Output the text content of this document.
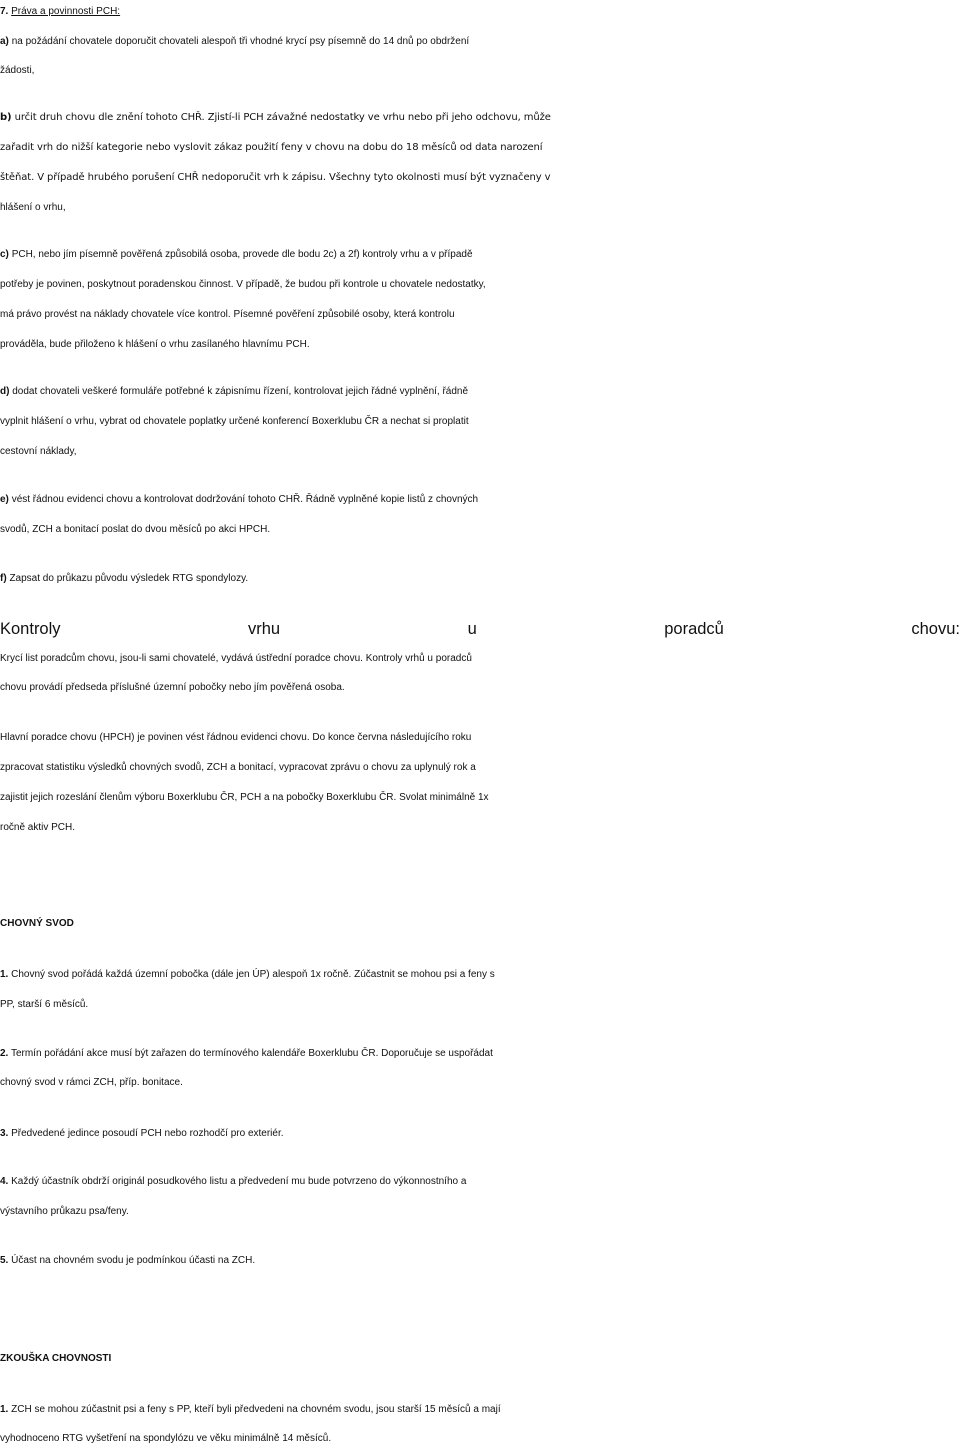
7. Práva a povinnosti PCH:
a) na požádání chovatele doporučit chovateli alespoň tři vhodné krycí psy písemně do 14 dnů po obdržení
žádosti,
b) určit druh chovu dle znění tohoto CHŘ. Zjistí-li PCH závažné nedostatky ve vrhu nebo při jeho odchovu, může
zařadit vrh do nižší kategorie nebo vyslovit zákaz použití feny v chovu na dobu do 18 měsíců od data narození
štěňat. V případě hrubého porušení CHŘ nedoporučit vrh k zápisu. Všechny tyto okolnosti musí být vyznačeny v
hlášení o vrhu,
c) PCH, nebo jím písemně pověřená způsobilá osoba, provede dle bodu 2c) a 2f) kontroly vrhu a v případě
potřeby je povinen, poskytnout poradenskou činnost. V případě, že budou při kontrole u chovatele nedostatky,
má právo provést na náklady chovatele více kontrol. Písemné pověření způsobilé osoby, která kontrolu
prováděla, bude přiloženo k hlášení o vrhu zasílaného hlavnímu PCH.
d) dodat chovateli veškeré formuláře potřebné k zápisnímu řízení, kontrolovat jejich řádné vyplnění, řádně
vyplnit hlášení o vrhu, vybrat od chovatele poplatky určené konferencí Boxerklubu ČR a nechat si proplatit
cestovní náklady,
e) vést řádnou evidenci chovu a kontrolovat dodržování tohoto CHŘ. Řádně vyplněné kopie listů z chovných
svodů, ZCH a bonitací poslat do dvou měsíců po akci HPCH.
f) Zapsat do průkazu původu výsledek RTG spondylozy.
Kontroly	vrhu	u	poradců	chovu:
Krycí list poradcům chovu, jsou-li sami chovatelé, vydává ústřední poradce chovu. Kontroly vrhů u poradců
chovu provádí předseda příslušné územní pobočky nebo jím pověřená osoba.
Hlavní poradce chovu (HPCH) je povinen vést řádnou evidenci chovu. Do konce června následujícího roku
zpracovat statistiku výsledků chovných svodů, ZCH a bonitací, vypracovat zprávu o chovu za uplynulý rok a
zajistit jejich rozeslání členům výboru Boxerklubu ČR, PCH a na pobočky Boxerklubu ČR. Svolat minimálně 1x
ročně aktiv PCH.
CHOVNÝ SVOD
1. Chovný svod pořádá každá územní pobočka (dále jen ÚP) alespoň 1x ročně. Zúčastnit se mohou psi a feny s
PP, starší 6 měsíců.
2. Termín pořádání akce musí být zařazen do termínového kalendáře Boxerklubu ČR. Doporučuje se uspořádat
chovný svod v rámci ZCH, příp. bonitace.
3. Předvedené jedince posoudí PCH nebo rozhodčí pro exteriér.
4. Každý účastník obdrží originál posudkového listu a předvedení mu bude potvrzeno do výkonnostního a
výstavního průkazu psa/feny.
5. Účast na chovném svodu je podmínkou účasti na ZCH.
ZKOUŠKA CHOVNOSTI
1. ZCH se mohou zúčastnit psi a feny s PP, kteří byli předvedeni na chovném svodu, jsou starší 15 měsíců a mají
vyhodnoceno RTG vyšetření na spondylózu ve věku minimálně 14 měsíců.
